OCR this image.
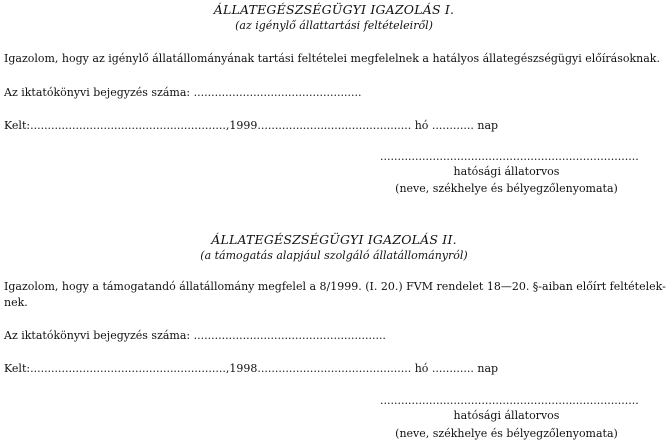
ÁLLATEGÉSZSÉGÜGYI IGAZOLÁS I.
(az igénylő állattartási feltételeiről)
Igazolom, hogy az igénylő állatállományának tartási feltételei megfelelnek a hatályos állategészségügyi előírásoknak.
Az iktatókönyvi bejegyzés száma: ................................................
Kelt:........................................................,1999............................................ hó ............ nap
..........................................................................
hatósági állatorvos
(neve, székhelye és bélyegzőlenyomata)
ÁLLATEGÉSZSÉGÜGYI IGAZOLÁS II.
(a támogatás alapjául szolgáló állatállományról)
Igazolom, hogy a támogatandó állatállomány megfelel a 8/1999. (I. 20.) FVM rendelet 18—20. §-aiban előírt feltételek-
nek.
Az iktatókönyvi bejegyzés száma: .......................................................
Kelt:........................................................,1998............................................ hó ............ nap
..........................................................................
hatósági állatorvos
(neve, székhelye és bélyegzőlenyomata)
